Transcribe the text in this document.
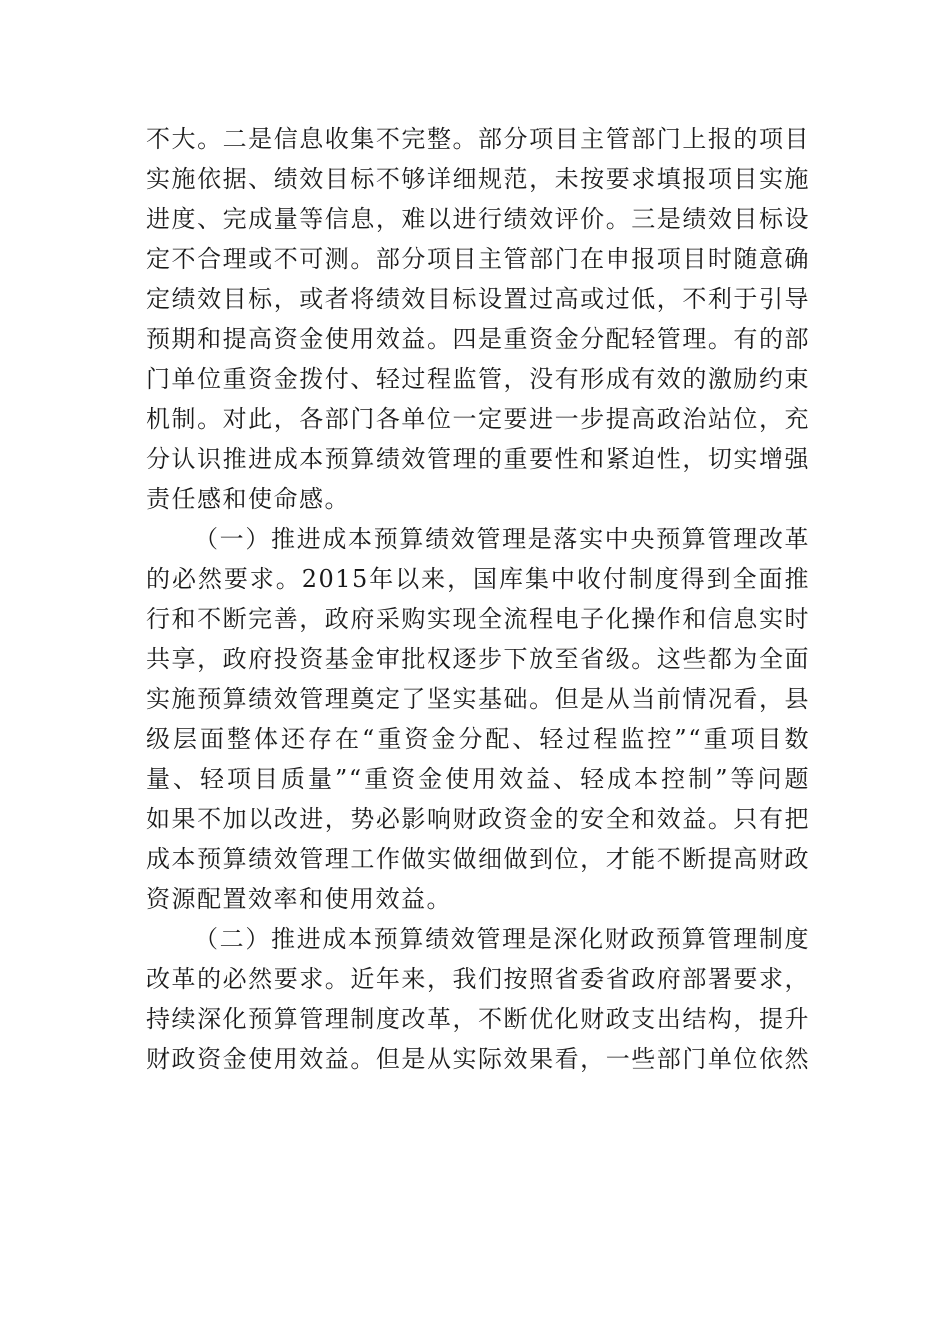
不大。二是信息收集不完整。部分项目主管部门上报的项目
实施依据、绩效目标不够详细规范，未按要求填报项目实施
进度、完成量等信息，难以进行绩效评价。三是绩效目标设
定不合理或不可测。部分项目主管部门在申报项目时随意确
定绩效目标，或者将绩效目标设置过高或过低，不利于引导
预期和提高资金使用效益。四是重资金分配轻管理。有的部
门单位重资金拨付、轻过程监管，没有形成有效的激励约束
机制。对此，各部门各单位一定要进一步提高政治站位，充
分认识推进成本预算绩效管理的重要性和紧迫性，切实增强
责任感和使命感。
（一）推进成本预算绩效管理是落实中央预算管理改革
的必然要求。2015年以来，国库集中收付制度得到全面推
行和不断完善，政府采购实现全流程电子化操作和信息实时
共享，政府投资基金审批权逐步下放至省级。这些都为全面
实施预算绩效管理奠定了坚实基础。但是从当前情况看，县
级层面整体还存在“重资金分配、轻过程监控”“重项目数
量、轻项目质量”“重资金使用效益、轻成本控制”等问题
如果不加以改进，势必影响财政资金的安全和效益。只有把
成本预算绩效管理工作做实做细做到位，才能不断提高财政
资源配置效率和使用效益。
（二）推进成本预算绩效管理是深化财政预算管理制度
改革的必然要求。近年来，我们按照省委省政府部署要求，
持续深化预算管理制度改革，不断优化财政支出结构，提升
财政资金使用效益。但是从实际效果看，一些部门单位依然
